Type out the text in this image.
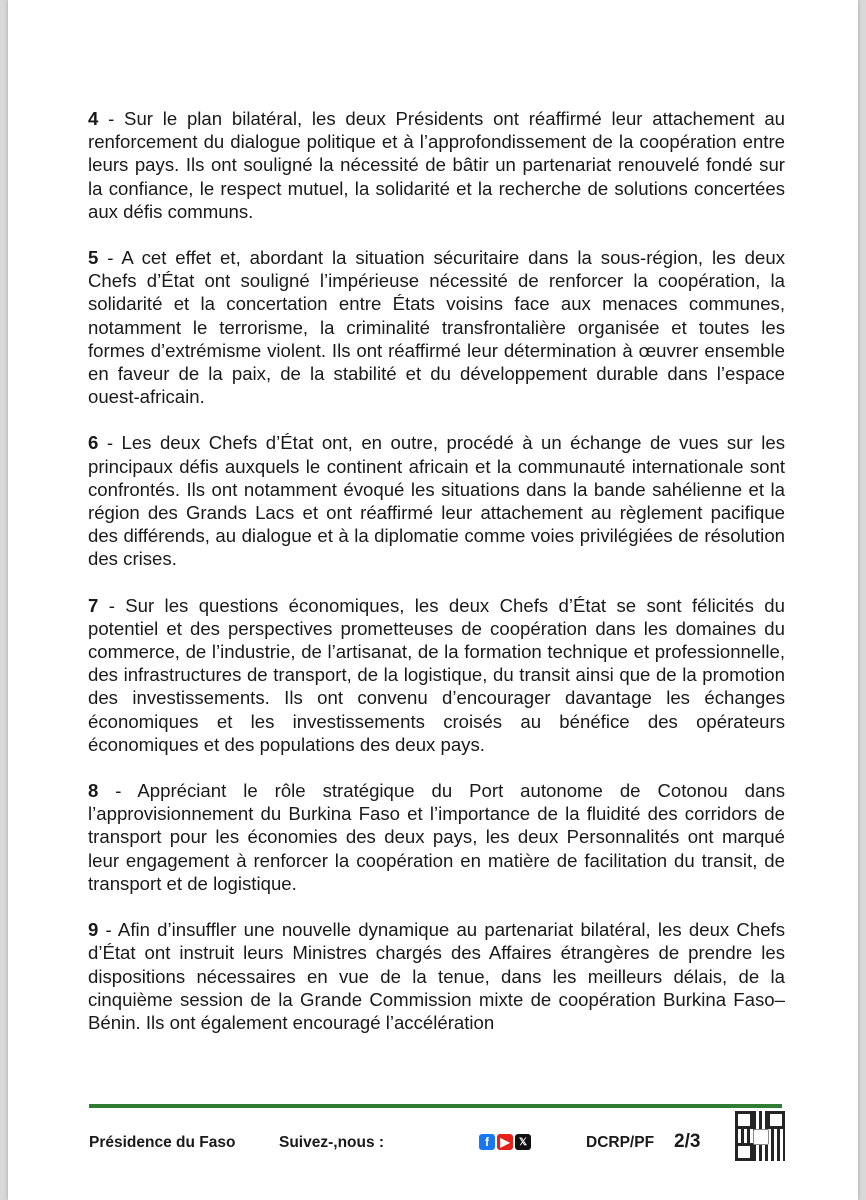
4 - Sur le plan bilatéral, les deux Présidents ont réaffirmé leur attachement au renforcement du dialogue politique et à l’approfondissement de la coopération entre leurs pays. Ils ont souligné la nécessité de bâtir un partenariat renouvelé fondé sur la confiance, le respect mutuel, la solidarité et la recherche de solutions concertées aux défis communs.

5 - A cet effet et, abordant la situation sécuritaire dans la sous-région, les deux Chefs d’État ont souligné l’impérieuse nécessité de renforcer la coopération, la solidarité et la concertation entre États voisins face aux menaces communes, notamment le terrorisme, la criminalité transfrontalière organisée et toutes les formes d’extrémisme violent. Ils ont réaffirmé leur détermination à œuvrer ensemble en faveur de la paix, de la stabilité et du développement durable dans l’espace ouest-africain.

6 - Les deux Chefs d’État ont, en outre, procédé à un échange de vues sur les principaux défis auxquels le continent africain et la communauté internationale sont confrontés. Ils ont notamment évoqué les situations dans la bande sahélienne et la région des Grands Lacs et ont réaffirmé leur attachement au règlement pacifique des différends, au dialogue et à la diplomatie comme voies privilégiées de résolution des crises.

7 - Sur les questions économiques, les deux Chefs d’État se sont félicités du potentiel et des perspectives prometteuses de coopération dans les domaines du commerce, de l’industrie, de l’artisanat, de la formation technique et professionnelle, des infrastructures de transport, de la logistique, du transit ainsi que de la promotion des investissements. Ils ont convenu d’encourager davantage les échanges économiques et les investissements croisés au bénéfice des opérateurs économiques et des populations des deux pays.

8 - Appréciant le rôle stratégique du Port autonome de Cotonou dans l’approvisionnement du Burkina Faso et l’importance de la fluidité des corridors de transport pour les économies des deux pays, les deux Personnalités ont marqué leur engagement à renforcer la coopération en matière de facilitation du transit, de transport et de logistique.

9 - Afin d’insuffler une nouvelle dynamique au partenariat bilatéral, les deux Chefs d’État ont instruit leurs Ministres chargés des Affaires étrangères de prendre les dispositions nécessaires en vue de la tenue, dans les meilleurs délais, de la cinquième session de la Grande Commission mixte de coopération Burkina Faso–Bénin. Ils ont également encouragé l’accélération

Présidence du Faso	Suivez-,nous :	f ▶ 𝕏	DCRP/PF 2/3
